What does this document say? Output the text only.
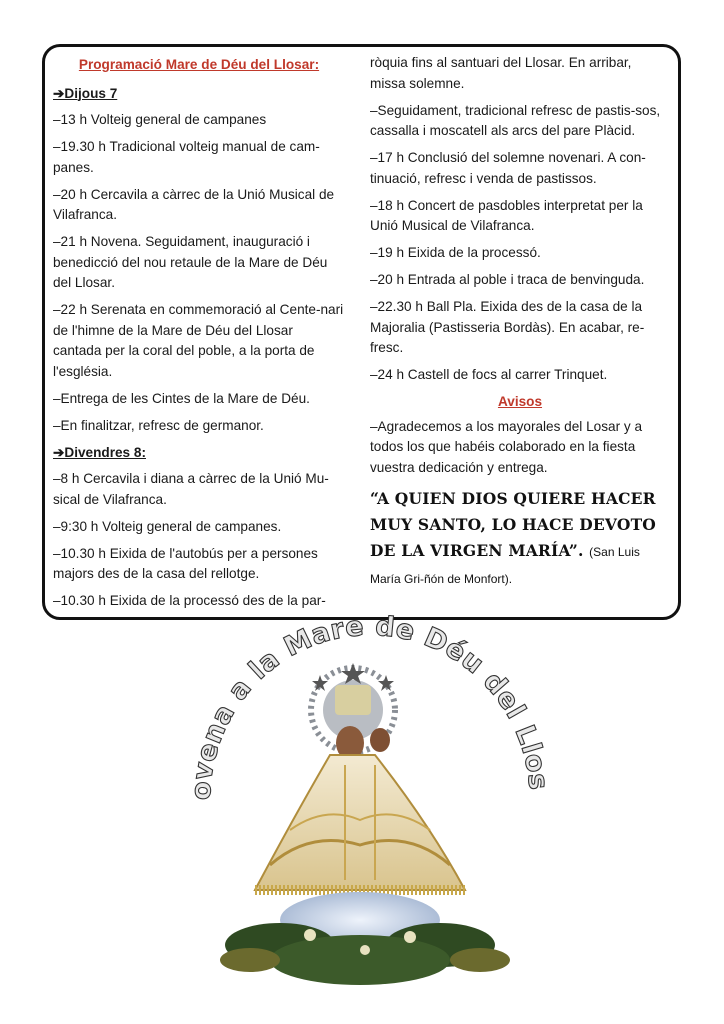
Programació Mare de Déu del Llosar:
➔Dijous 7
–13 h Volteig general de campanes
–19.30 h Tradicional volteig manual de cam-panes.
–20 h Cercavila a càrrec de la Unió Musical de Vilafranca.
–21 h Novena. Seguidament, inauguració i benedicció del nou retaule de la Mare de Déu del Llosar.
–22 h Serenata en commemoració al Cente-nari de l'himne de la Mare de Déu del Llosar cantada per la coral del poble, a la porta de l'església.
–Entrega de les Cintes de la Mare de Déu.
–En finalitzar, refresc de germanor.
➔Divendres 8:
–8 h Cercavila i diana a càrrec de la Unió Mu-sical de Vilafranca.
–9:30 h Volteig general de campanes.
–10.30 h Eixida de l'autobús per a persones majors des de la casa del rellotge.
–10.30 h Eixida de la processó des de la par-
ròquia fins al santuari del Llosar. En arribar, missa solemne.
–Seguidament, tradicional refresc de pastis-sos, cassalla i moscatell als arcs del pare Plàcid.
–17 h Conclusió del solemne novenari. A con-tinuació, refresc i venda de pastissos.
–18 h Concert de pasdobles interpretat per la Unió Musical de Vilafranca.
–19 h Eixida de la processó.
–20 h Entrada al poble i traca de benvinguda.
–22.30 h Ball Pla. Eixida des de la casa de la Majoralia (Pastisseria Bordàs). En acabar, re-fresc.
–24 h Castell de focs al carrer Trinquet.
Avisos
–Agradecemos a los mayorales del Losar y a todos los que habéis colaborado en la fiesta vuestra dedicación y entrega.
“A QUIEN DIOS QUIERE HACER MUY SANTO, LO HACE DEVOTO DE LA VIRGEN MARÍA”. (San Luis María Gri-ñón de Monfort).
ovena a la Mare de Déu del Llos
